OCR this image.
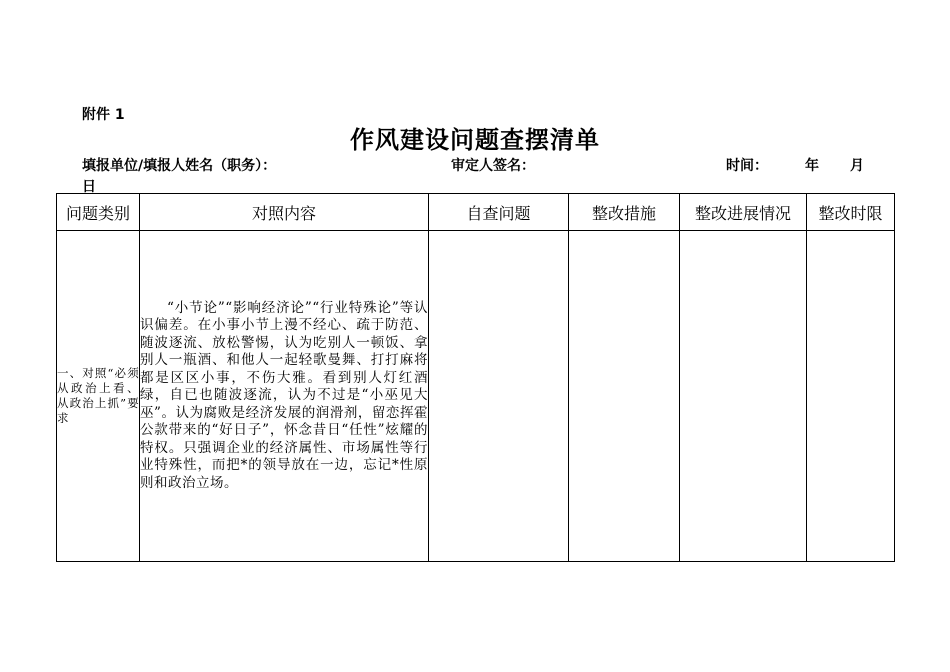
附件 1
作风建设问题查摆清单
填报单位/填报人姓名（职务）：	审定人签名：	时间：	年 月
日
问题类别	对照内容	自查问题	整改措施	整改进展情况	整改时限
一、对照“必须从政治上看、从政治上抓”要求	“小节论”“影响经济论”“行业特殊论”等认识偏差。在小事小节上漫不经心、疏于防范、随波逐流、放松警惕，认为吃别人一顿饭、拿别人一瓶酒、和他人一起轻歌曼舞、打打麻将都是区区小事，不伤大雅。看到别人灯红酒绿，自已也随波逐流，认为不过是“小巫见大巫”。认为腐败是经济发展的润滑剂，留恋挥霍公款带来的“好日子”，怀念昔日“任性”炫耀的特权。只强调企业的经济属性、市场属性等行业特殊性，而把*的领导放在一边，忘记*性原则和政治立场。				
